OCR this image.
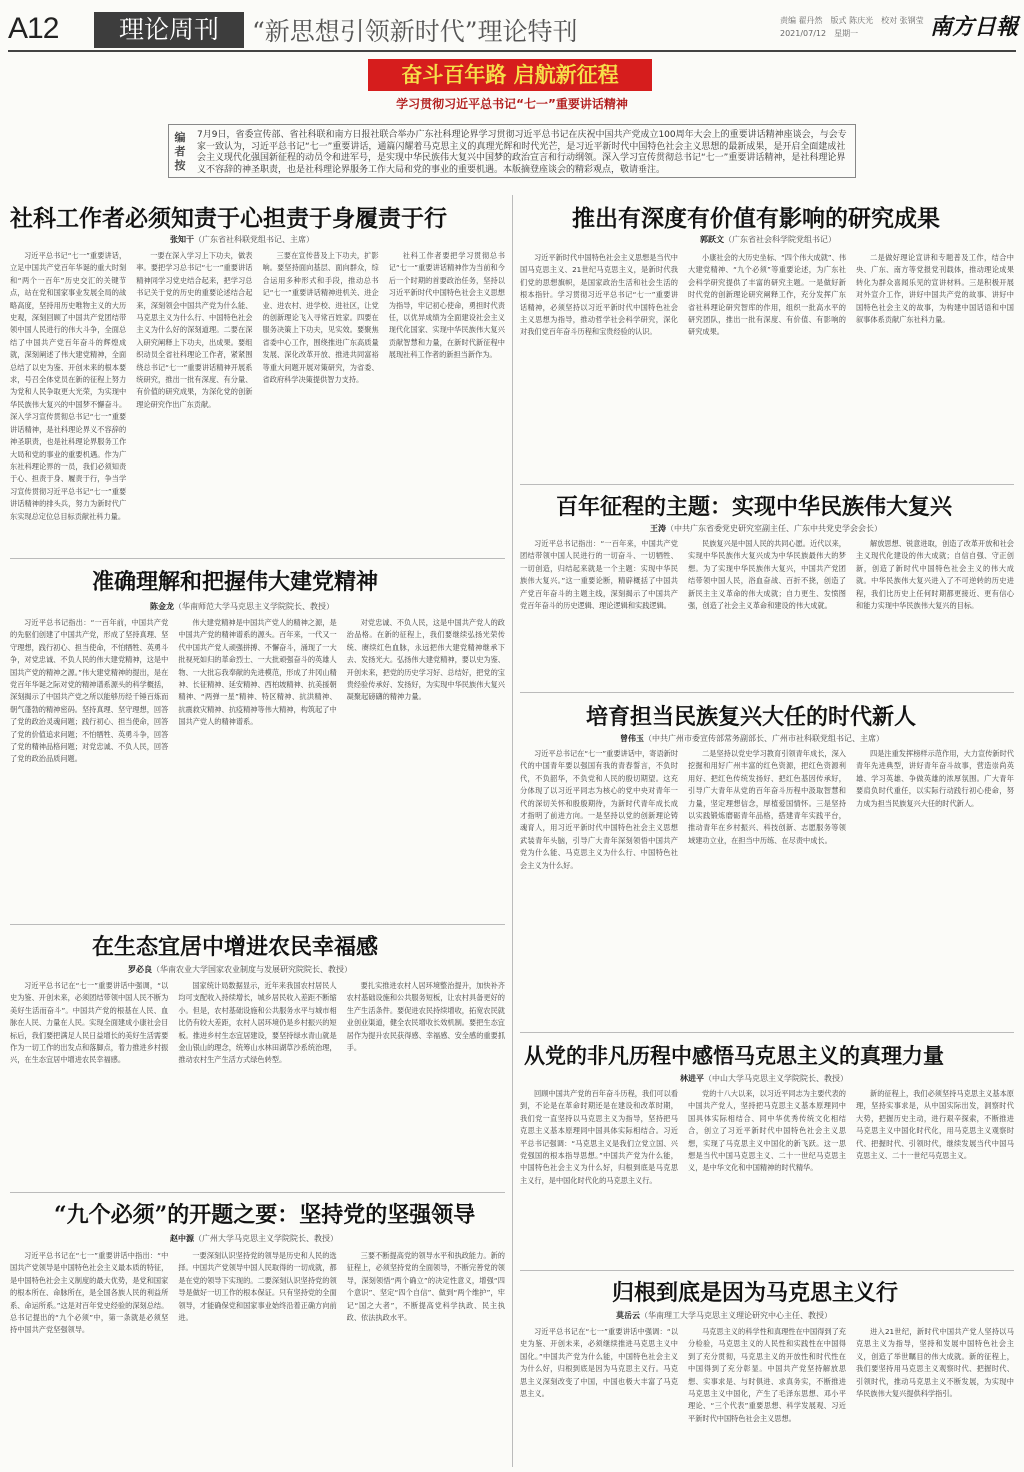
A12	理论周刊	“新思想引领新时代”理论特刊	责编 翟丹然　版式 陈庆光　校对 张钢莹
2021/07/12　星期一	南方日報
奋斗百年路 启航新征程
学习贯彻习近平总书记“七一”重要讲话精神
编者按
7月9日，省委宣传部、省社科联和南方日报社联合举办广东社科理论界学习贯彻习近平总书记在庆祝中国共产党成立100周年大会上的重要讲话精神座谈会，与会专家一致认为，习近平总书记“七一”重要讲话，通篇闪耀着马克思主义的真理光辉和时代光芒，是习近平新时代中国特色社会主义思想的最新成果，是开启全面建成社会主义现代化强国新征程的动员令和进军号，是实现中华民族伟大复兴中国梦的政治宣言和行动纲领。深入学习宣传贯彻总书记“七一”重要讲话精神，是社科理论界义不容辞的神圣职责，也是社科理论界服务工作大局和党的事业的重要机遇。本版摘登座谈会的精彩观点，敬请垂注。
社科工作者必须知责于心担责于身履责于行
张知干（广东省社科联党组书记、主席）
习近平总书记“七一”重要讲话，立足中国共产党百年华诞的重大时刻和“两个一百年”历史交汇的关键节点，站在党和国家事业发展全局的战略高度，坚持用历史唯物主义的大历史观，深刻回顾了中国共产党团结带领中国人民进行的伟大斗争，全面总结了中国共产党百年奋斗的辉煌成就，深刻阐述了伟大建党精神，全面总结了以史为鉴、开创未来的根本要求，号召全体党员在新的征程上努力为党和人民争取更大光荣，为实现中华民族伟大复兴的中国梦不懈奋斗。深入学习宣传贯彻总书记“七一”重要讲话精神，是社科理论界义不容辞的神圣职责，也是社科理论界服务工作大局和党的事业的重要机遇。作为广东社科理论界的一员，我们必须知责于心、担责于身、履责于行，争当学习宣传贯彻习近平总书记“七一”重要讲话精神的排头兵，努力为新时代广东实现总定位总目标贡献社科力量。
一要在深入学习上下功夫，做表率。要把学习总书记“七一”重要讲话精神同学习党史结合起来，把学习总书记关于党的历史的重要论述结合起来，深刻领会中国共产党为什么能、马克思主义为什么行、中国特色社会主义为什么好的深刻道理。二要在深入研究阐释上下功夫，出成果。要组织动员全省社科理论工作者，紧紧围绕总书记“七一”重要讲话精神开展系统研究，推出一批有深度、有分量、有价值的研究成果，为深化党的创新理论研究作出广东贡献。
三要在宣传普及上下功夫，扩影响。要坚持面向基层、面向群众，综合运用多种形式和手段，推动总书记“七一”重要讲话精神进机关、进企业、进农村、进学校、进社区，让党的创新理论飞入寻常百姓家。四要在服务决策上下功夫，见实效。要聚焦省委中心工作，围绕推进广东高质量发展、深化改革开放、推进共同富裕等重大问题开展对策研究，为省委、省政府科学决策提供智力支持。
社科工作者要把学习贯彻总书记“七一”重要讲话精神作为当前和今后一个时期的首要政治任务，坚持以习近平新时代中国特色社会主义思想为指导，牢记初心使命，勇担时代责任，以优异成绩为全面建设社会主义现代化国家、实现中华民族伟大复兴贡献智慧和力量，在新时代新征程中展现社科工作者的新担当新作为。
推出有深度有价值有影响的研究成果
郭跃文（广东省社会科学院党组书记）
习近平新时代中国特色社会主义思想是当代中国马克思主义、21世纪马克思主义，是新时代我们党的思想旗帜，是国家政治生活和社会生活的根本指针。学习贯彻习近平总书记“七一”重要讲话精神，必须坚持以习近平新时代中国特色社会主义思想为指导，推动哲学社会科学研究，深化对我们党百年奋斗历程和宝贵经验的认识。
小康社会的大历史坐标、“四个伟大成就”、伟大建党精神、“九个必须”等重要论述，为广东社会科学研究提供了丰富的研究主题。一是做好新时代党的创新理论研究阐释工作，充分发挥广东省社科理论研究智库的作用，组织一批高水平的研究团队，推出一批有深度、有价值、有影响的研究成果。
二是做好理论宣讲和专题普及工作，结合中央、广东、南方等党报党刊载体，推动理论成果转化为群众喜闻乐见的宣讲材料。三是积极开展对外宣介工作，讲好中国共产党的故事、讲好中国特色社会主义的故事，为构建中国话语和中国叙事体系贡献广东社科力量。
百年征程的主题：实现中华民族伟大复兴
王涛（中共广东省委党史研究室副主任、广东中共党史学会会长）
习近平总书记指出：“一百年来，中国共产党团结带领中国人民进行的一切奋斗、一切牺牲、一切创造，归结起来就是一个主题：实现中华民族伟大复兴。”这一重要论断，精辟概括了中国共产党百年奋斗的主题主线，深刻揭示了中国共产党百年奋斗的历史逻辑、理论逻辑和实践逻辑。
民族复兴是中国人民的共同心愿。近代以来，实现中华民族伟大复兴成为中华民族最伟大的梦想。为了实现中华民族伟大复兴，中国共产党团结带领中国人民，浴血奋战、百折不挠，创造了新民主主义革命的伟大成就；自力更生、发愤图强，创造了社会主义革命和建设的伟大成就。
解放思想、锐意进取，创造了改革开放和社会主义现代化建设的伟大成就；自信自强、守正创新，创造了新时代中国特色社会主义的伟大成就。中华民族伟大复兴进入了不可逆转的历史进程，我们比历史上任何时期都更接近、更有信心和能力实现中华民族伟大复兴的目标。
准确理解和把握伟大建党精神
陈金龙（华南师范大学马克思主义学院院长、教授）
习近平总书记指出：“一百年前，中国共产党的先驱们创建了中国共产党，形成了坚持真理、坚守理想，践行初心、担当使命，不怕牺牲、英勇斗争，对党忠诚、不负人民的伟大建党精神，这是中国共产党的精神之源。”伟大建党精神的提出，是在党百年华诞之际对党的精神谱系源头的科学概括，深刻揭示了中国共产党之所以能够历经千锤百炼而朝气蓬勃的精神密码。坚持真理、坚守理想，回答了党的政治灵魂问题；践行初心、担当使命，回答了党的价值追求问题；不怕牺牲、英勇斗争，回答了党的精神品格问题；对党忠诚、不负人民，回答了党的政治品质问题。
伟大建党精神是中国共产党人的精神之源，是中国共产党的精神谱系的源头。百年来，一代又一代中国共产党人顽强拼搏、不懈奋斗，涌现了一大批视死如归的革命烈士、一大批顽强奋斗的英雄人物、一大批忘我奉献的先进模范，形成了井冈山精神、长征精神、延安精神、西柏坡精神、抗美援朝精神、“两弹一星”精神、特区精神、抗洪精神、抗震救灾精神、抗疫精神等伟大精神，构筑起了中国共产党人的精神谱系。
对党忠诚、不负人民，这是中国共产党人的政治品格。在新的征程上，我们要继续弘扬光荣传统、赓续红色血脉，永远把伟大建党精神继承下去、发扬光大。弘扬伟大建党精神，要以史为鉴、开创未来，把党的历史学习好、总结好，把党的宝贵经验传承好、发扬好，为实现中华民族伟大复兴凝聚起磅礴的精神力量。
培育担当民族复兴大任的时代新人
曾伟玉（中共广州市委宣传部常务副部长、广州市社科联党组书记、主席）
习近平总书记在“七一”重要讲话中，寄语新时代的中国青年要以强国有我的青春誓言，不负时代，不负韶华，不负党和人民的殷切期望。这充分体现了以习近平同志为核心的党中央对青年一代的深切关怀和殷殷期待，为新时代青年成长成才指明了前进方向。一是坚持以党的创新理论铸魂育人，用习近平新时代中国特色社会主义思想武装青年头脑，引导广大青年深刻领悟中国共产党为什么能、马克思主义为什么行、中国特色社会主义为什么好。
二是坚持以党史学习教育引领青年成长，深入挖掘和用好广州丰富的红色资源，把红色资源利用好、把红色传统发扬好、把红色基因传承好，引导广大青年从党的百年奋斗历程中汲取智慧和力量，坚定理想信念，厚植爱国情怀。三是坚持以实践锻炼磨砺青年品格，搭建青年实践平台，推动青年在乡村振兴、科技创新、志愿服务等领域建功立业，在担当中历练、在尽责中成长。
四是注重发挥榜样示范作用，大力宣传新时代青年先进典型，讲好青年奋斗故事，营造崇尚英雄、学习英雄、争做英雄的浓厚氛围。广大青年要肩负时代重任，以实际行动践行初心使命，努力成为担当民族复兴大任的时代新人。
在生态宜居中增进农民幸福感
罗必良（华南农业大学国家农业制度与发展研究院院长、教授）
习近平总书记在“七一”重要讲话中强调，“以史为鉴、开创未来，必须团结带领中国人民不断为美好生活而奋斗”。中国共产党的根基在人民、血脉在人民、力量在人民。实现全面建成小康社会目标后，我们要把满足人民日益增长的美好生活需要作为一切工作的出发点和落脚点，着力推进乡村振兴，在生态宜居中增进农民幸福感。
国家统计局数据显示，近年来我国农村居民人均可支配收入持续增长，城乡居民收入差距不断缩小。但是，农村基础设施和公共服务水平与城市相比仍有较大差距，农村人居环境仍是乡村振兴的短板。推进乡村生态宜居建设，要坚持绿水青山就是金山银山的理念，统筹山水林田湖草沙系统治理，推动农村生产生活方式绿色转型。
要扎实推进农村人居环境整治提升，加快补齐农村基础设施和公共服务短板，让农村具备更好的生产生活条件。要促进农民持续增收，拓宽农民就业创业渠道，健全农民增收长效机制。要把生态宜居作为提升农民获得感、幸福感、安全感的重要抓手。	从党的非凡历程中感悟马克思主义的真理力量
林进平（中山大学马克思主义学院院长、教授）
回顾中国共产党的百年奋斗历程，我们可以看到，不论是在革命时期还是在建设和改革时期，我们党一直坚持以马克思主义为指导，坚持把马克思主义基本原理同中国具体实际相结合。习近平总书记强调：“马克思主义是我们立党立国、兴党强国的根本指导思想。”中国共产党为什么能，中国特色社会主义为什么好，归根到底是马克思主义行，是中国化时代化的马克思主义行。
党的十八大以来，以习近平同志为主要代表的中国共产党人，坚持把马克思主义基本原理同中国具体实际相结合、同中华优秀传统文化相结合，创立了习近平新时代中国特色社会主义思想，实现了马克思主义中国化的新飞跃。这一思想是当代中国马克思主义、二十一世纪马克思主义，是中华文化和中国精神的时代精华。
新的征程上，我们必须坚持马克思主义基本原理，坚持实事求是，从中国实际出发，洞察时代大势，把握历史主动，进行艰辛探索，不断推进马克思主义中国化时代化，用马克思主义观察时代、把握时代、引领时代，继续发展当代中国马克思主义、二十一世纪马克思主义。
“九个必须”的开题之要：坚持党的坚强领导
赵中源（广州大学马克思主义学院院长、教授）
习近平总书记在“七一”重要讲话中指出：“中国共产党领导是中国特色社会主义最本质的特征，是中国特色社会主义制度的最大优势，是党和国家的根本所在、命脉所在，是全国各族人民的利益所系、命运所系。”这是对百年党史经验的深刻总结。总书记提出的“九个必须”中，第一条就是必须坚持中国共产党坚强领导。
一要深刻认识坚持党的领导是历史和人民的选择。中国共产党领导中国人民取得的一切成就，都是在党的领导下实现的。二要深刻认识坚持党的领导是做好一切工作的根本保证。只有坚持党的全面领导，才能确保党和国家事业始终沿着正确方向前进。
三要不断提高党的领导水平和执政能力。新的征程上，必须坚持党的全面领导，不断完善党的领导，深刻领悟“两个确立”的决定性意义，增强“四个意识”、坚定“四个自信”、做到“两个维护”，牢记“国之大者”，不断提高党科学执政、民主执政、依法执政水平。
归根到底是因为马克思主义行
莫岳云（华南理工大学马克思主义理论研究中心主任、教授）
习近平总书记在“七一”重要讲话中强调：“以史为鉴、开创未来，必须继续推进马克思主义中国化。”中国共产党为什么能，中国特色社会主义为什么好，归根到底是因为马克思主义行。马克思主义深刻改变了中国，中国也极大丰富了马克思主义。
马克思主义的科学性和真理性在中国得到了充分检验，马克思主义的人民性和实践性在中国得到了充分贯彻，马克思主义的开放性和时代性在中国得到了充分彰显。中国共产党坚持解放思想、实事求是、与时俱进、求真务实，不断推进马克思主义中国化，产生了毛泽东思想、邓小平理论、“三个代表”重要思想、科学发展观、习近平新时代中国特色社会主义思想。
进入21世纪，新时代中国共产党人坚持以马克思主义为指导，坚持和发展中国特色社会主义，创造了举世瞩目的伟大成就。新的征程上，我们要坚持用马克思主义观察时代、把握时代、引领时代，推动马克思主义不断发展，为实现中华民族伟大复兴提供科学指引。
